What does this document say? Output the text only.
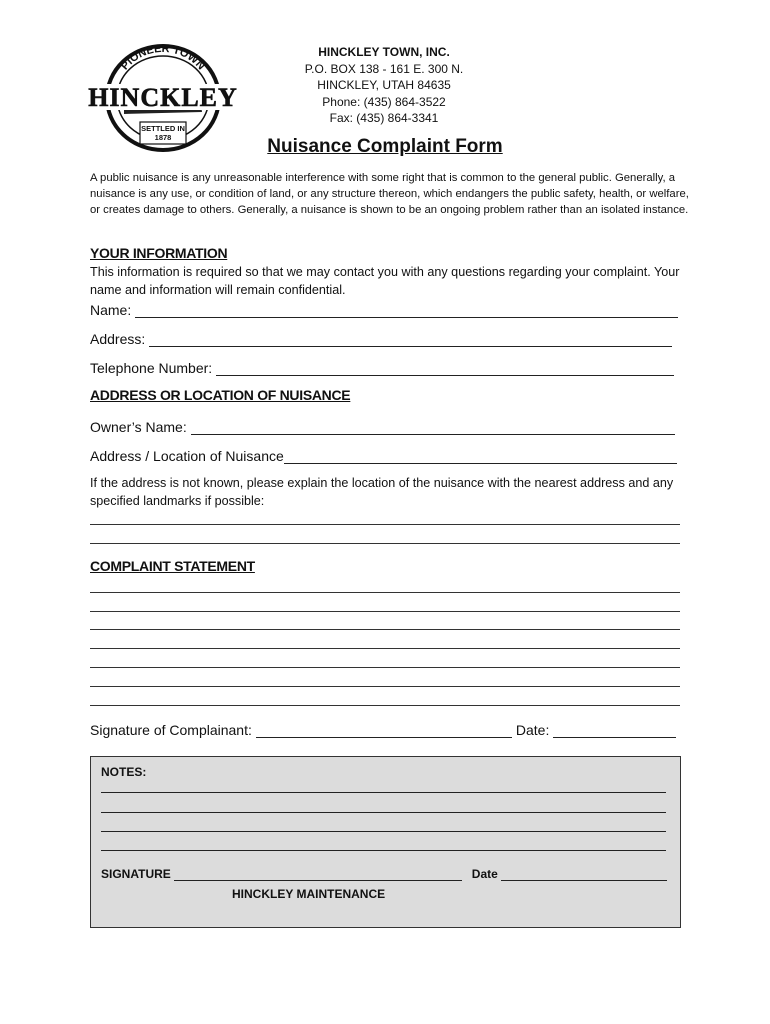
PIONEER TOWN
HINCKLEY
SETTLED IN
1878
HINCKLEY TOWN, INC.
P.O. BOX 138 - 161 E. 300 N.
HINCKLEY, UTAH 84635
Phone: (435) 864-3522
Fax: (435) 864-3341
Nuisance Complaint Form
A public nuisance is any unreasonable interference with some right that is common to the general public. Generally, a nuisance is any use, or condition of land, or any structure thereon, which endangers the public safety, health, or welfare, or creates damage to others. Generally, a nuisance is shown to be an ongoing problem rather than an isolated instance.
YOUR INFORMATION
This information is required so that we may contact you with any questions regarding your complaint. Your name and information will remain confidential.
Name:
Address:
Telephone Number:
ADDRESS OR LOCATION OF NUISANCE
Owner’s Name:
Address / Location of Nuisance
If the address is not known, please explain the location of the nuisance with the nearest address and any specified landmarks if possible:
COMPLAINT STATEMENT
Signature of Complainant:	Date:
NOTES:
SIGNATURE	Date
HINCKLEY MAINTENANCE
